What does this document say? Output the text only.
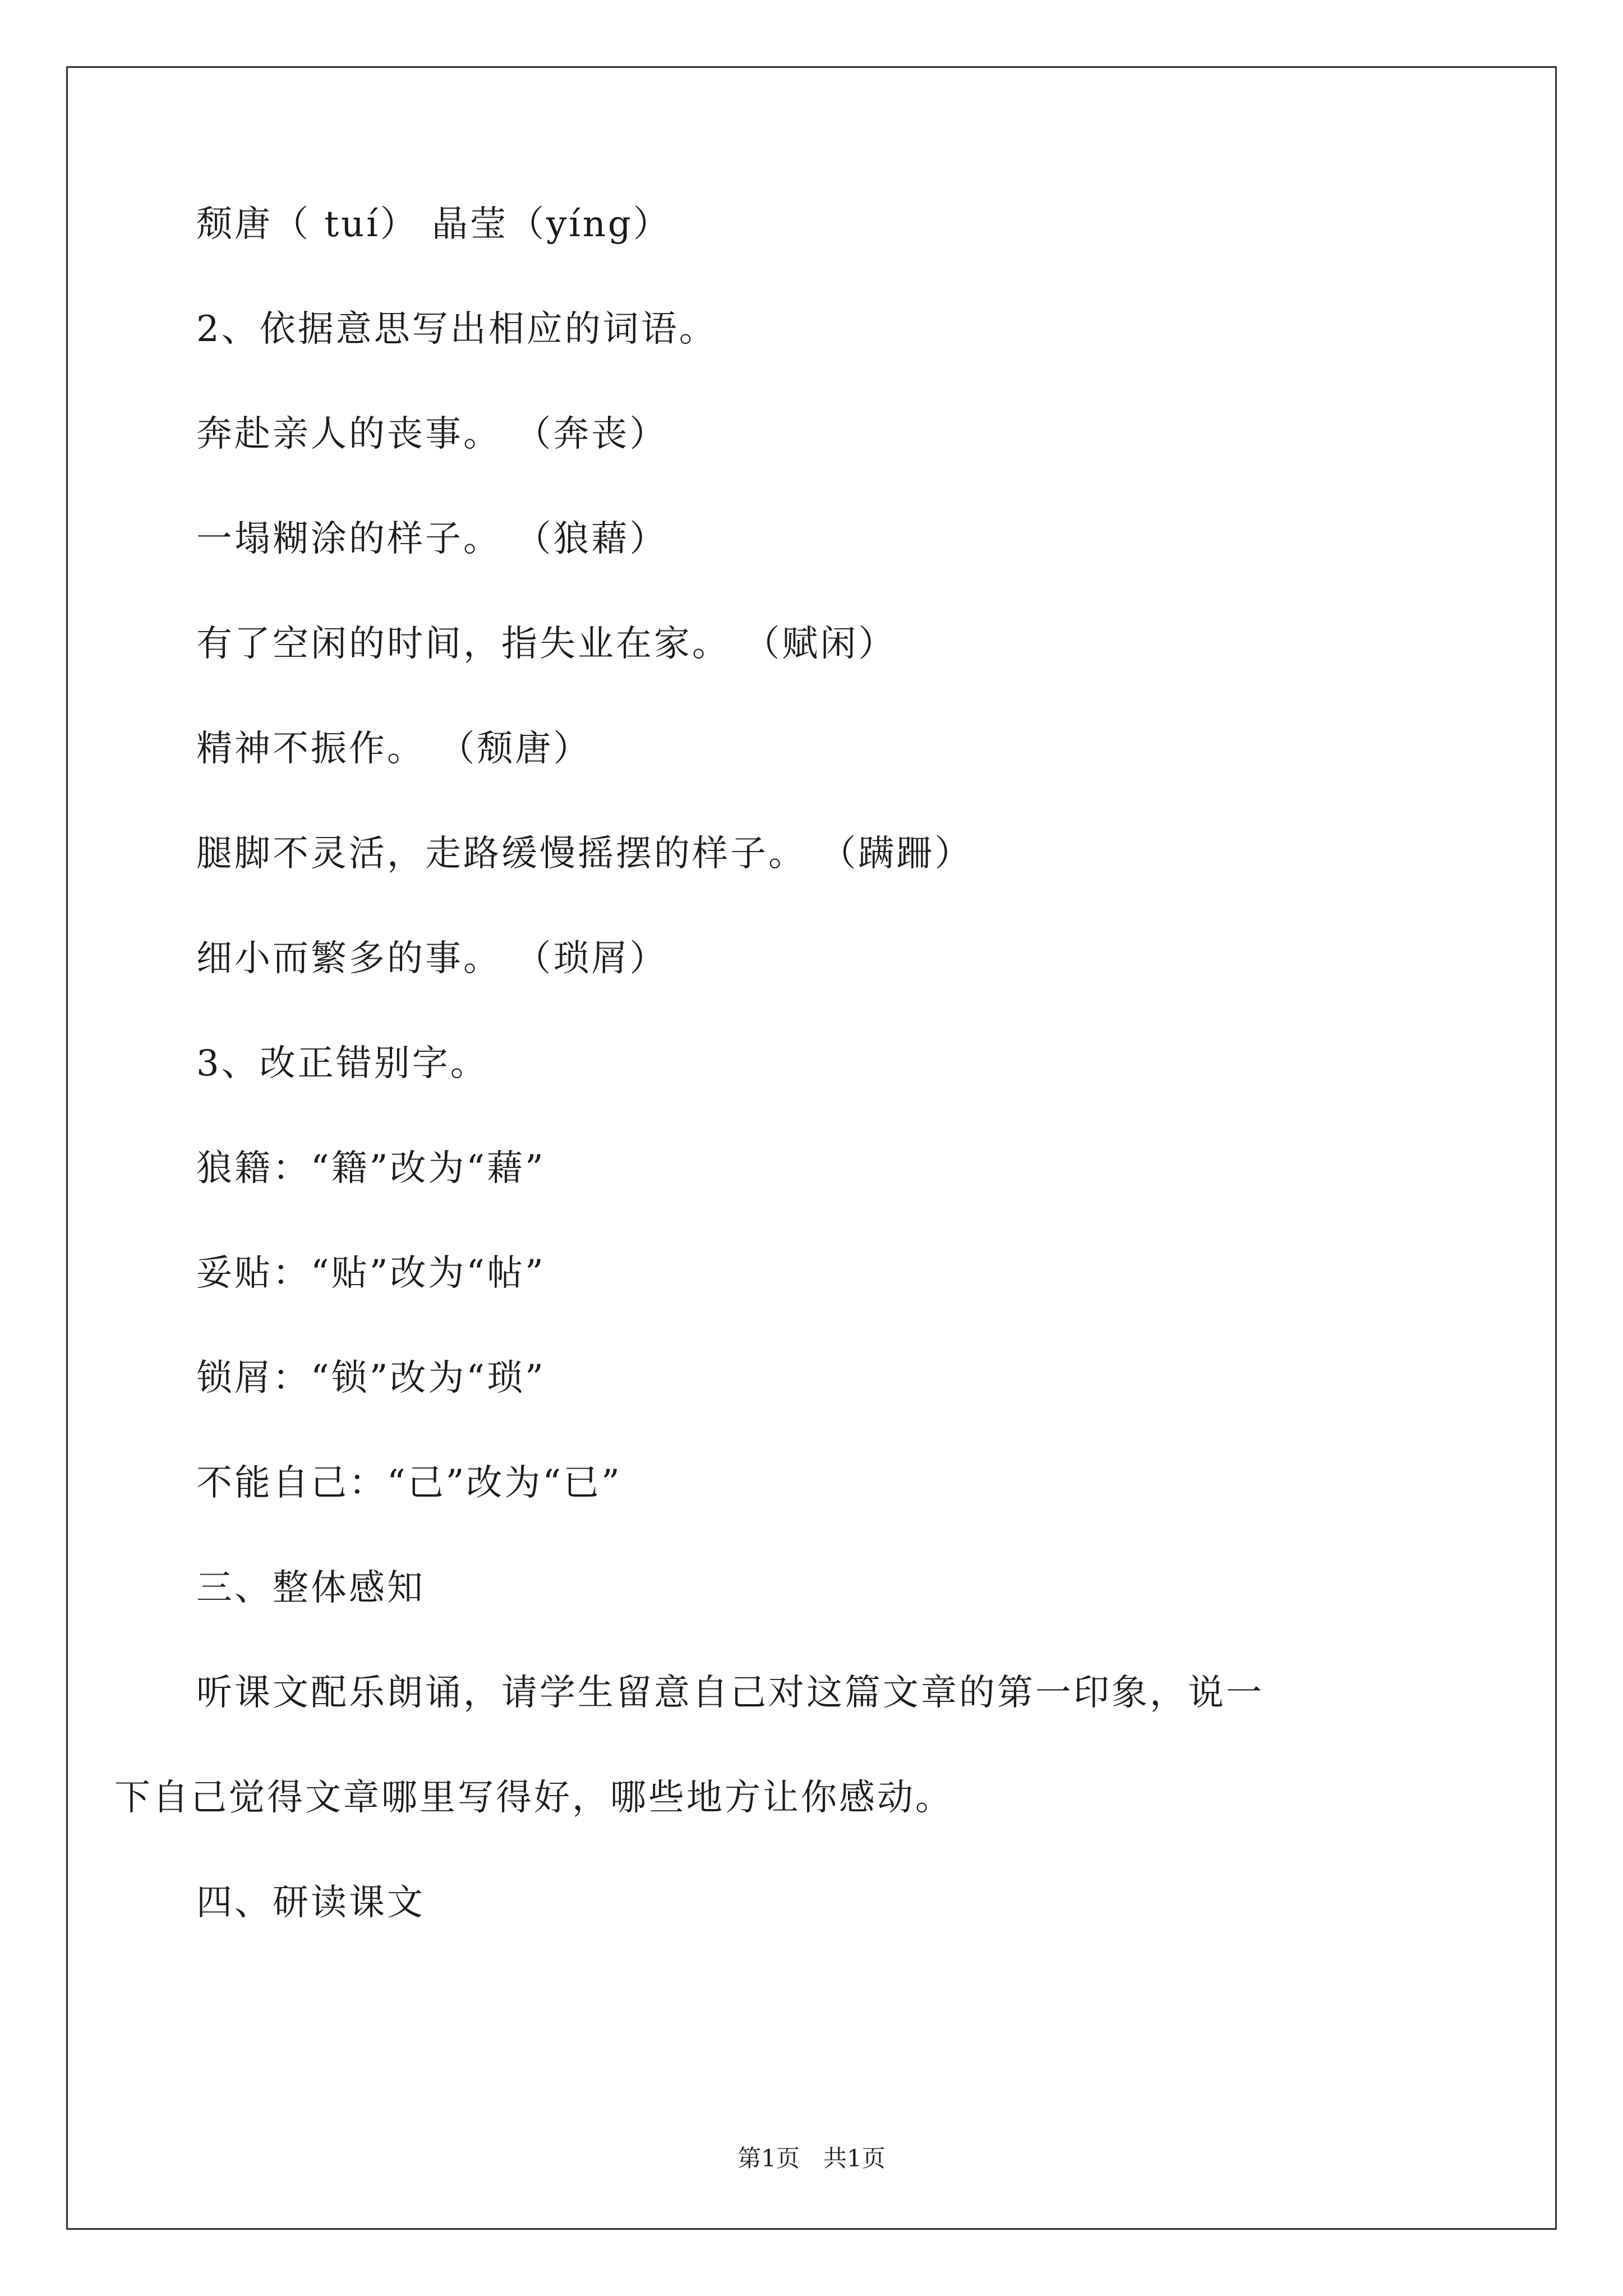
颓唐（ tuí） 晶莹（yíng）
2、依据意思写出相应的词语。
奔赴亲人的丧事。 （奔丧）
一塌糊涂的样子。 （狼藉）
有了空闲的时间，指失业在家。 （赋闲）
精神不振作。 （颓唐）
腿脚不灵活，走路缓慢摇摆的样子。 （蹒跚）
细小而繁多的事。 （琐屑）
3、改正错别字。
狼籍：“籍”改为“藉”
妥贴：“贴”改为“帖”
锁屑：“锁”改为“琐”
不能自己：“己”改为“已”
三、整体感知
听课文配乐朗诵，请学生留意自己对这篇文章的第一印象，说一
下自己觉得文章哪里写得好，哪些地方让你感动。
四、研读课文
第1页　共1页
